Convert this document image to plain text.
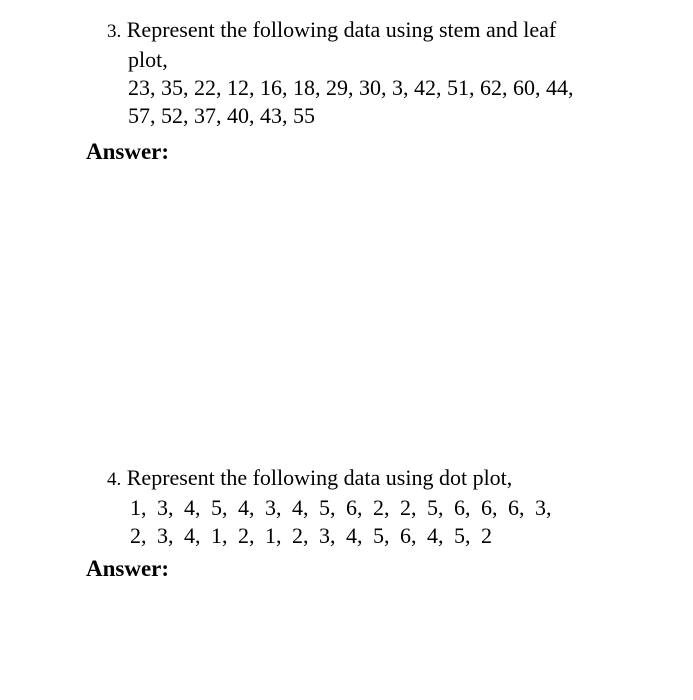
3. Represent the following data using stem and leaf
plot,
23, 35, 22, 12, 16, 18, 29, 30, 3, 42, 51, 62, 60, 44,
57, 52, 37, 40, 43, 55
Answer:
4. Represent the following data using dot plot,
1, 3, 4, 5, 4, 3, 4, 5, 6, 2, 2, 5, 6, 6, 6, 3,
2, 3, 4, 1, 2, 1, 2, 3, 4, 5, 6, 4, 5, 2
Answer:
